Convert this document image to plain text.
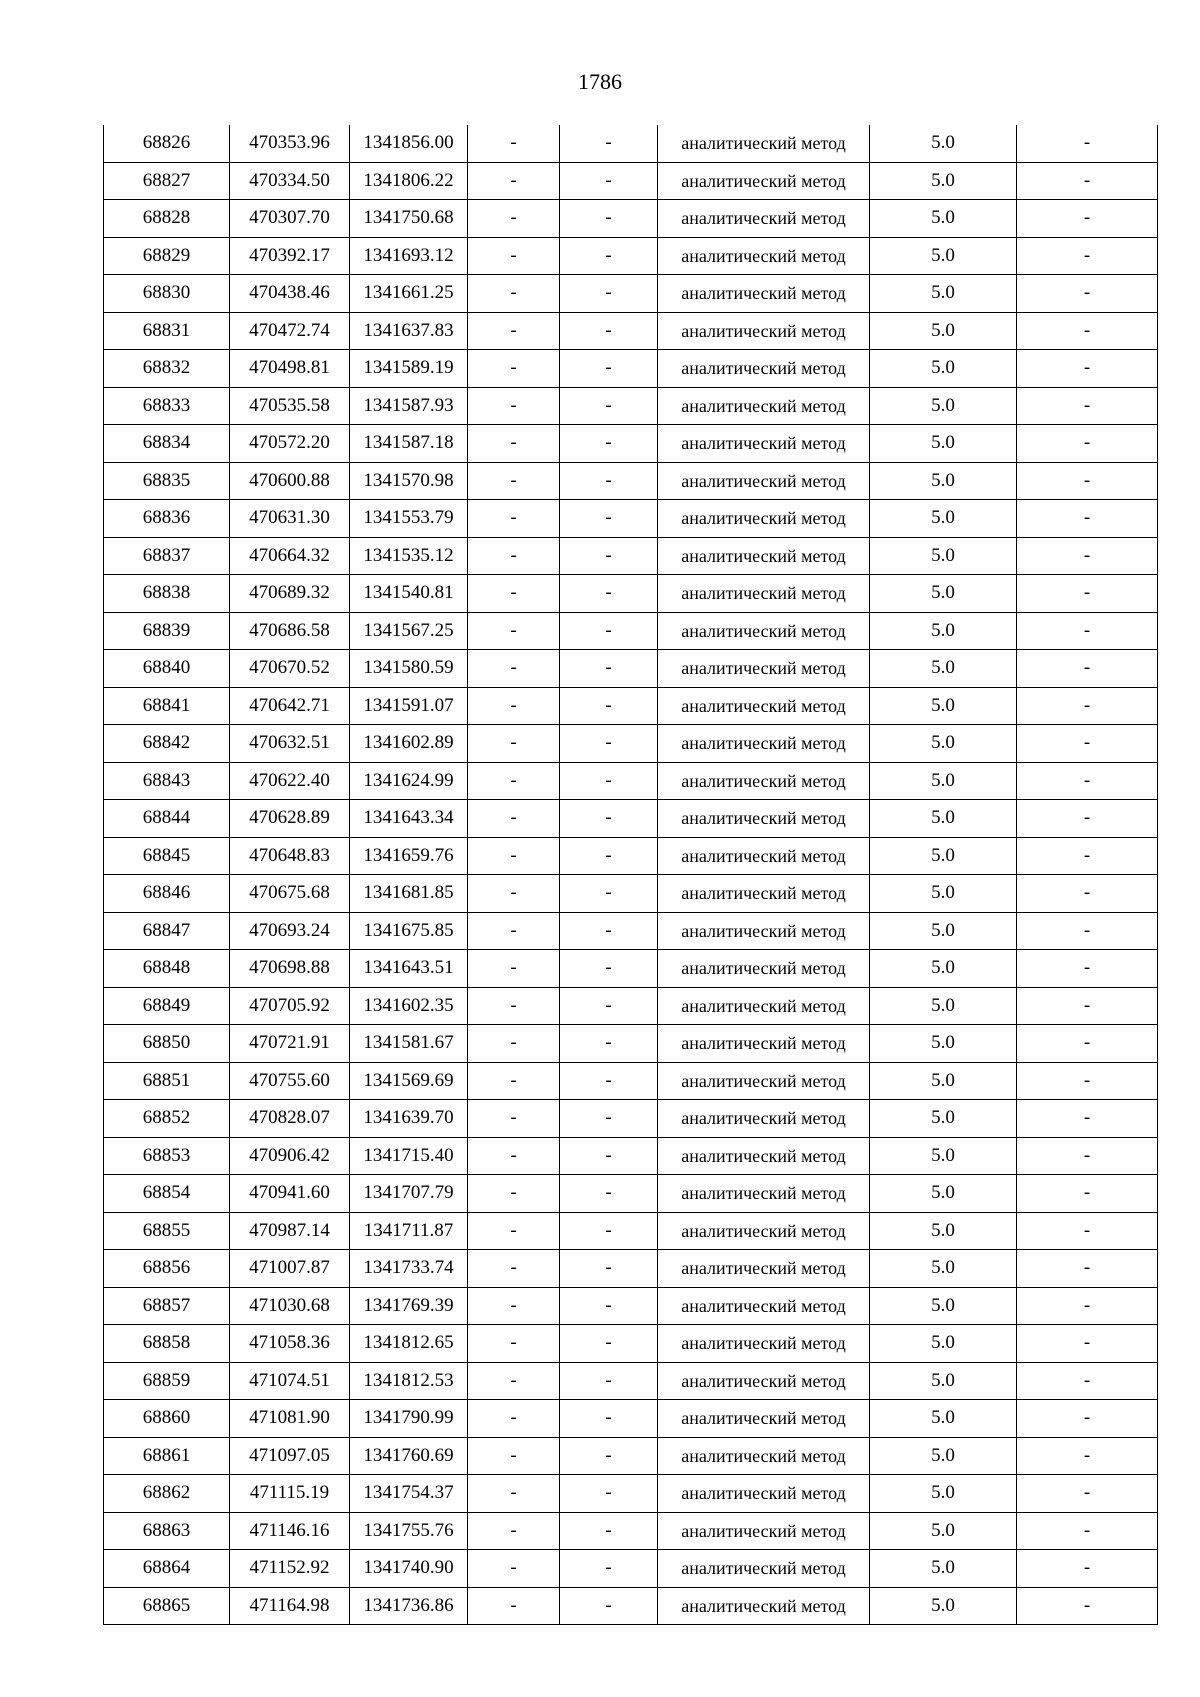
1786
68826	470353.96	1341856.00	-	-	аналитический метод	5.0	-
68827	470334.50	1341806.22	-	-	аналитический метод	5.0	-
68828	470307.70	1341750.68	-	-	аналитический метод	5.0	-
68829	470392.17	1341693.12	-	-	аналитический метод	5.0	-
68830	470438.46	1341661.25	-	-	аналитический метод	5.0	-
68831	470472.74	1341637.83	-	-	аналитический метод	5.0	-
68832	470498.81	1341589.19	-	-	аналитический метод	5.0	-
68833	470535.58	1341587.93	-	-	аналитический метод	5.0	-
68834	470572.20	1341587.18	-	-	аналитический метод	5.0	-
68835	470600.88	1341570.98	-	-	аналитический метод	5.0	-
68836	470631.30	1341553.79	-	-	аналитический метод	5.0	-
68837	470664.32	1341535.12	-	-	аналитический метод	5.0	-
68838	470689.32	1341540.81	-	-	аналитический метод	5.0	-
68839	470686.58	1341567.25	-	-	аналитический метод	5.0	-
68840	470670.52	1341580.59	-	-	аналитический метод	5.0	-
68841	470642.71	1341591.07	-	-	аналитический метод	5.0	-
68842	470632.51	1341602.89	-	-	аналитический метод	5.0	-
68843	470622.40	1341624.99	-	-	аналитический метод	5.0	-
68844	470628.89	1341643.34	-	-	аналитический метод	5.0	-
68845	470648.83	1341659.76	-	-	аналитический метод	5.0	-
68846	470675.68	1341681.85	-	-	аналитический метод	5.0	-
68847	470693.24	1341675.85	-	-	аналитический метод	5.0	-
68848	470698.88	1341643.51	-	-	аналитический метод	5.0	-
68849	470705.92	1341602.35	-	-	аналитический метод	5.0	-
68850	470721.91	1341581.67	-	-	аналитический метод	5.0	-
68851	470755.60	1341569.69	-	-	аналитический метод	5.0	-
68852	470828.07	1341639.70	-	-	аналитический метод	5.0	-
68853	470906.42	1341715.40	-	-	аналитический метод	5.0	-
68854	470941.60	1341707.79	-	-	аналитический метод	5.0	-
68855	470987.14	1341711.87	-	-	аналитический метод	5.0	-
68856	471007.87	1341733.74	-	-	аналитический метод	5.0	-
68857	471030.68	1341769.39	-	-	аналитический метод	5.0	-
68858	471058.36	1341812.65	-	-	аналитический метод	5.0	-
68859	471074.51	1341812.53	-	-	аналитический метод	5.0	-
68860	471081.90	1341790.99	-	-	аналитический метод	5.0	-
68861	471097.05	1341760.69	-	-	аналитический метод	5.0	-
68862	471115.19	1341754.37	-	-	аналитический метод	5.0	-
68863	471146.16	1341755.76	-	-	аналитический метод	5.0	-
68864	471152.92	1341740.90	-	-	аналитический метод	5.0	-
68865	471164.98	1341736.86	-	-	аналитический метод	5.0	-
